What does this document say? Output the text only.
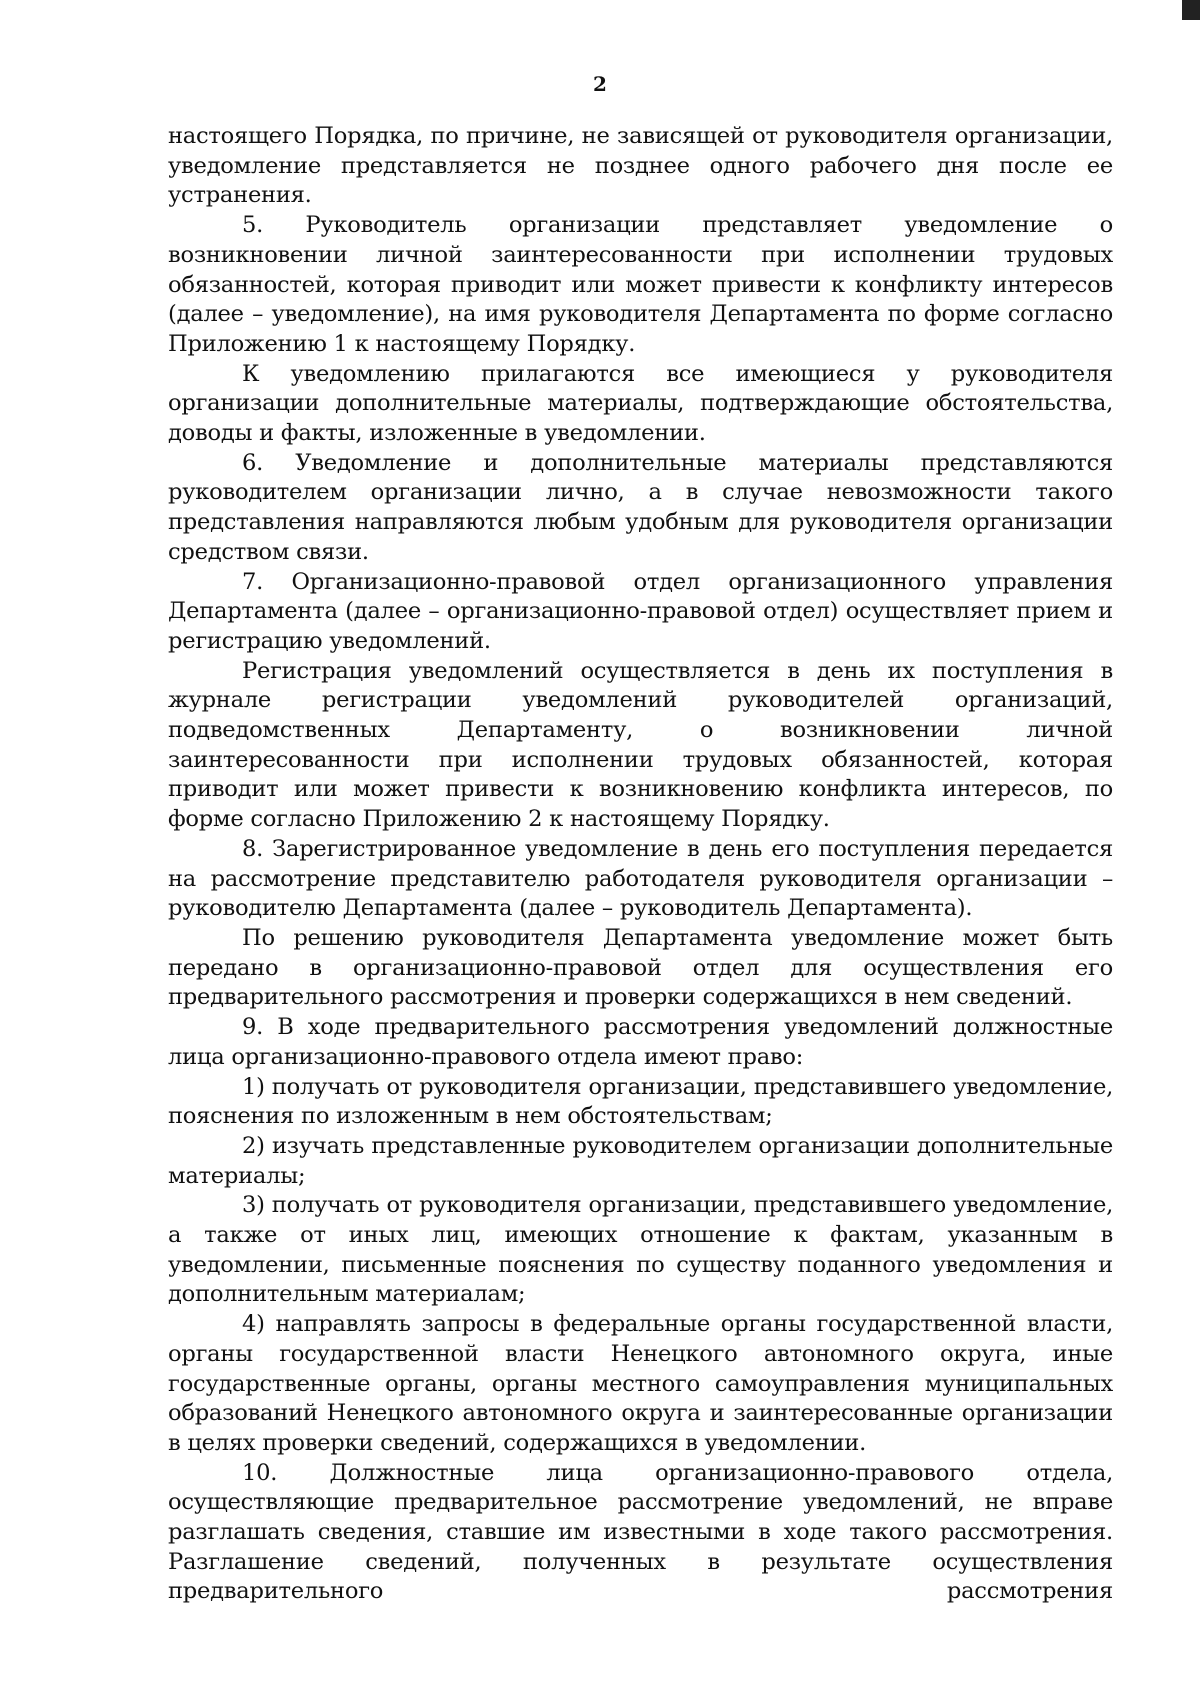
2

настоящего Порядка, по причине, не зависящей от руководителя организации, уведомление представляется не позднее одного рабочего дня после ее устранения.

5. Руководитель организации представляет уведомление о возникновении личной заинтересованности при исполнении трудовых обязанностей, которая приводит или может привести к конфликту интересов (далее – уведомление), на имя руководителя Департамента по форме согласно Приложению 1 к настоящему Порядку.

К уведомлению прилагаются все имеющиеся у руководителя организации дополнительные материалы, подтверждающие обстоятельства, доводы и факты, изложенные в уведомлении.

6. Уведомление и дополнительные материалы представляются руководителем организации лично, а в случае невозможности такого представления направляются любым удобным для руководителя организации средством связи.

7. Организационно-правовой отдел организационного управления Департамента (далее – организационно-правовой отдел) осуществляет прием и регистрацию уведомлений.

Регистрация уведомлений осуществляется в день их поступления в журнале регистрации уведомлений руководителей организаций, подведомственных Департаменту, о возникновении личной заинтересованности при исполнении трудовых обязанностей, которая приводит или может привести к возникновению конфликта интересов, по форме согласно Приложению 2 к настоящему Порядку.

8. Зарегистрированное уведомление в день его поступления передается на рассмотрение представителю работодателя руководителя организации – руководителю Департамента (далее – руководитель Департамента).

По решению руководителя Департамента уведомление может быть передано в организационно-правовой отдел для осуществления его предварительного рассмотрения и проверки содержащихся в нем сведений.

9. В ходе предварительного рассмотрения уведомлений должностные лица организационно-правового отдела имеют право:

1) получать от руководителя организации, представившего уведомление, пояснения по изложенным в нем обстоятельствам;

2) изучать представленные руководителем организации дополнительные материалы;

3) получать от руководителя организации, представившего уведомление, а также от иных лиц, имеющих отношение к фактам, указанным в уведомлении, письменные пояснения по существу поданного уведомления и дополнительным материалам;

4) направлять запросы в федеральные органы государственной власти, органы государственной власти Ненецкого автономного округа, иные государственные органы, органы местного самоуправления муниципальных образований Ненецкого автономного округа и заинтересованные организации в целях проверки сведений, содержащихся в уведомлении.

10. Должностные лица организационно-правового отдела, осуществляющие предварительное рассмотрение уведомлений, не вправе разглашать сведения, ставшие им известными в ходе такого рассмотрения. Разглашение сведений, полученных в результате осуществления предварительного рассмотрения
